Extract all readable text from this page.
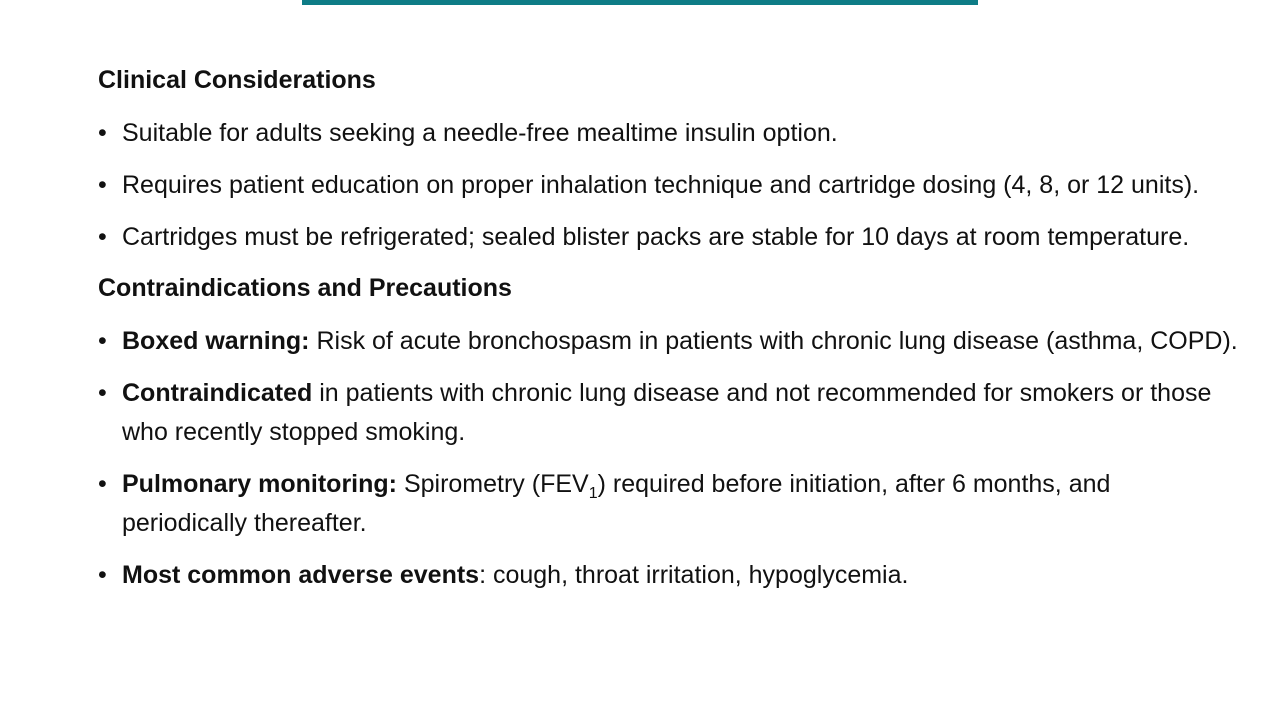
Clinical Considerations
• Suitable for adults seeking a needle-free mealtime insulin option.
• Requires patient education on proper inhalation technique and cartridge dosing (4, 8, or 12 units).
• Cartridges must be refrigerated; sealed blister packs are stable for 10 days at room temperature.
Contraindications and Precautions
• Boxed warning: Risk of acute bronchospasm in patients with chronic lung disease (asthma, COPD).
• Contraindicated in patients with chronic lung disease and not recommended for smokers or those who recently stopped smoking.
• Pulmonary monitoring: Spirometry $(FEV_1)$ required before initiation, after 6 months, and periodically thereafter.
• Most common adverse events: cough, throat irritation, hypoglycemia.
